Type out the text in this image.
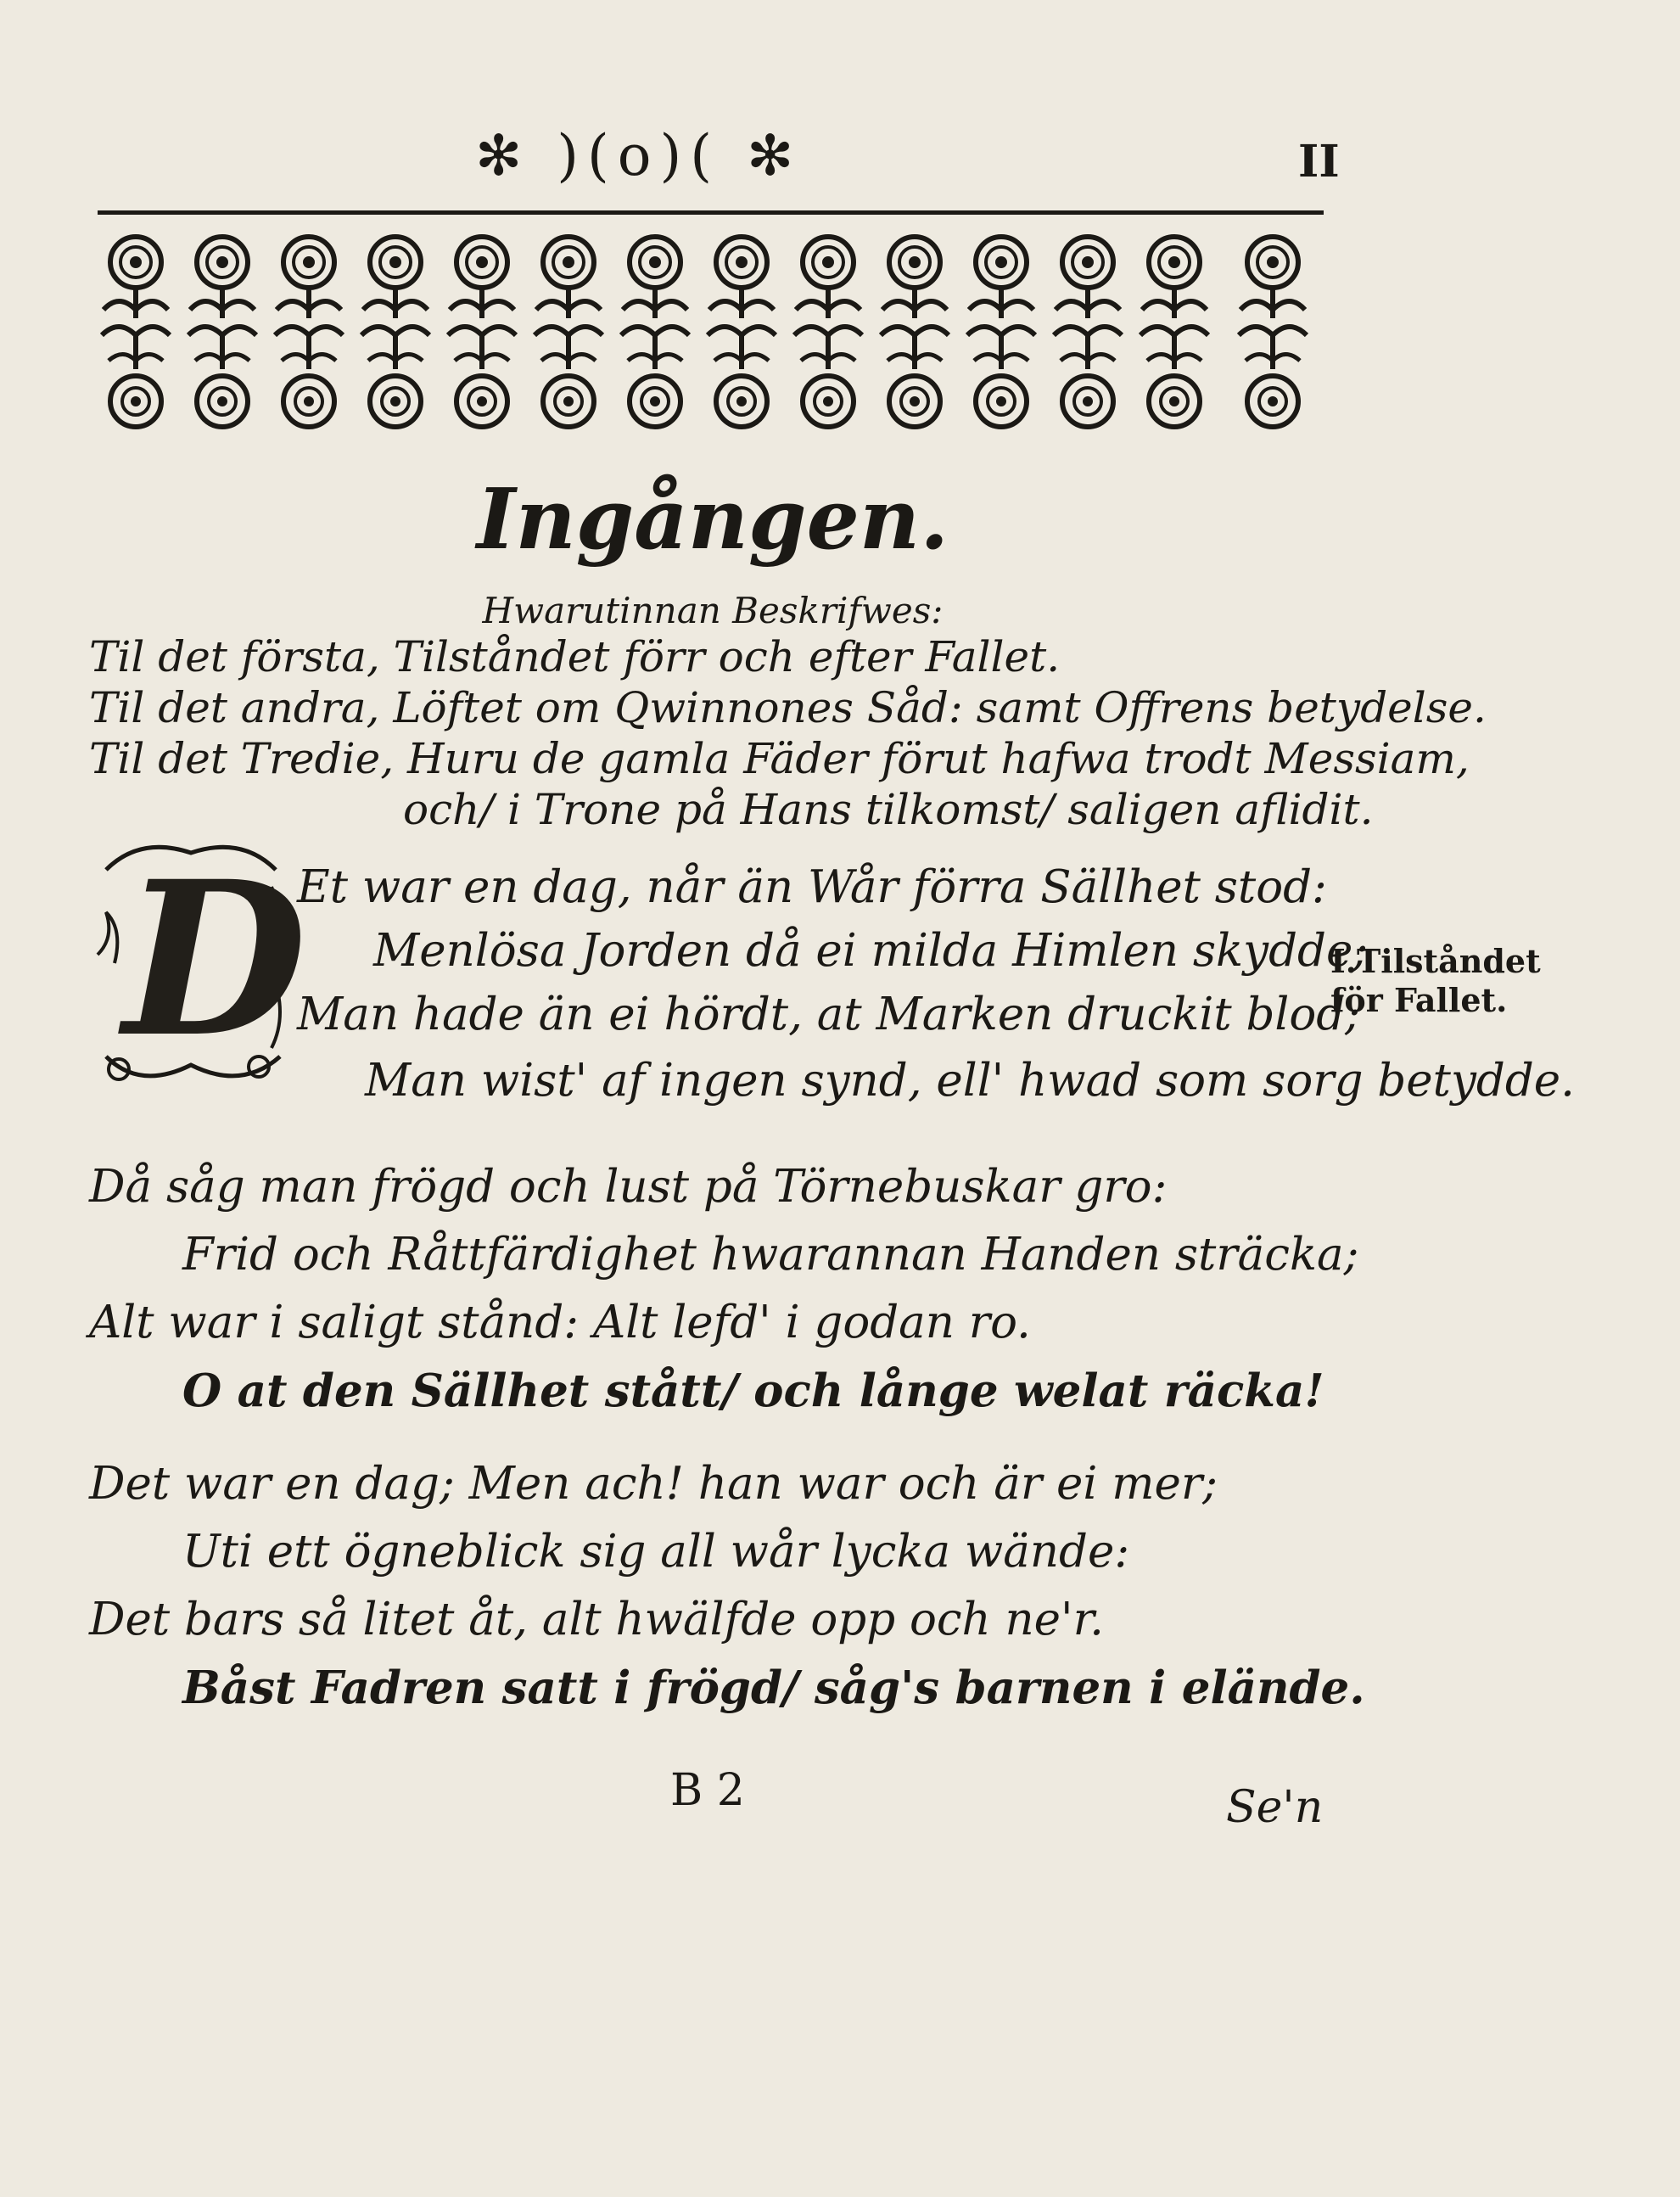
✻ )(o)( ✻	II
Ingången.
Hwarutinnan Beskrifwes:
Til det första, Tilståndet förr och efter Fallet.
Til det andra, Löftet om Qwinnones Såd: samt Offrens betydelse.
Til det Tredie, Huru de gamla Fäder förut hafwa trodt Messiam,
och/ i Trone på Hans tilkomst/ saligen aflidit.
D
Et war en dag, når än Wår förra Sällhet stod:
Menlösa Jorden då ei milda Himlen skydde;
Man hade än ei hördt, at Marken druckit blod;
Man wist' af ingen synd, ell' hwad som sorg betydde.
I.Tilståndet
för Fallet.
Då såg man frögd och lust på Törnebuskar gro:
Frid och Råttfärdighet hwarannan Handen sträcka;
Alt war i saligt stånd: Alt lefd' i godan ro.
O at den Sällhet stått/ och långe welat räcka!
Det war en dag; Men ach! han war och är ei mer;
Uti ett ögneblick sig all wår lycka wände:
Det bars så litet åt, alt hwälfde opp och ne'r.
Båst Fadren satt i frögd/ såg's barnen i elände.
B 2	Se'n
